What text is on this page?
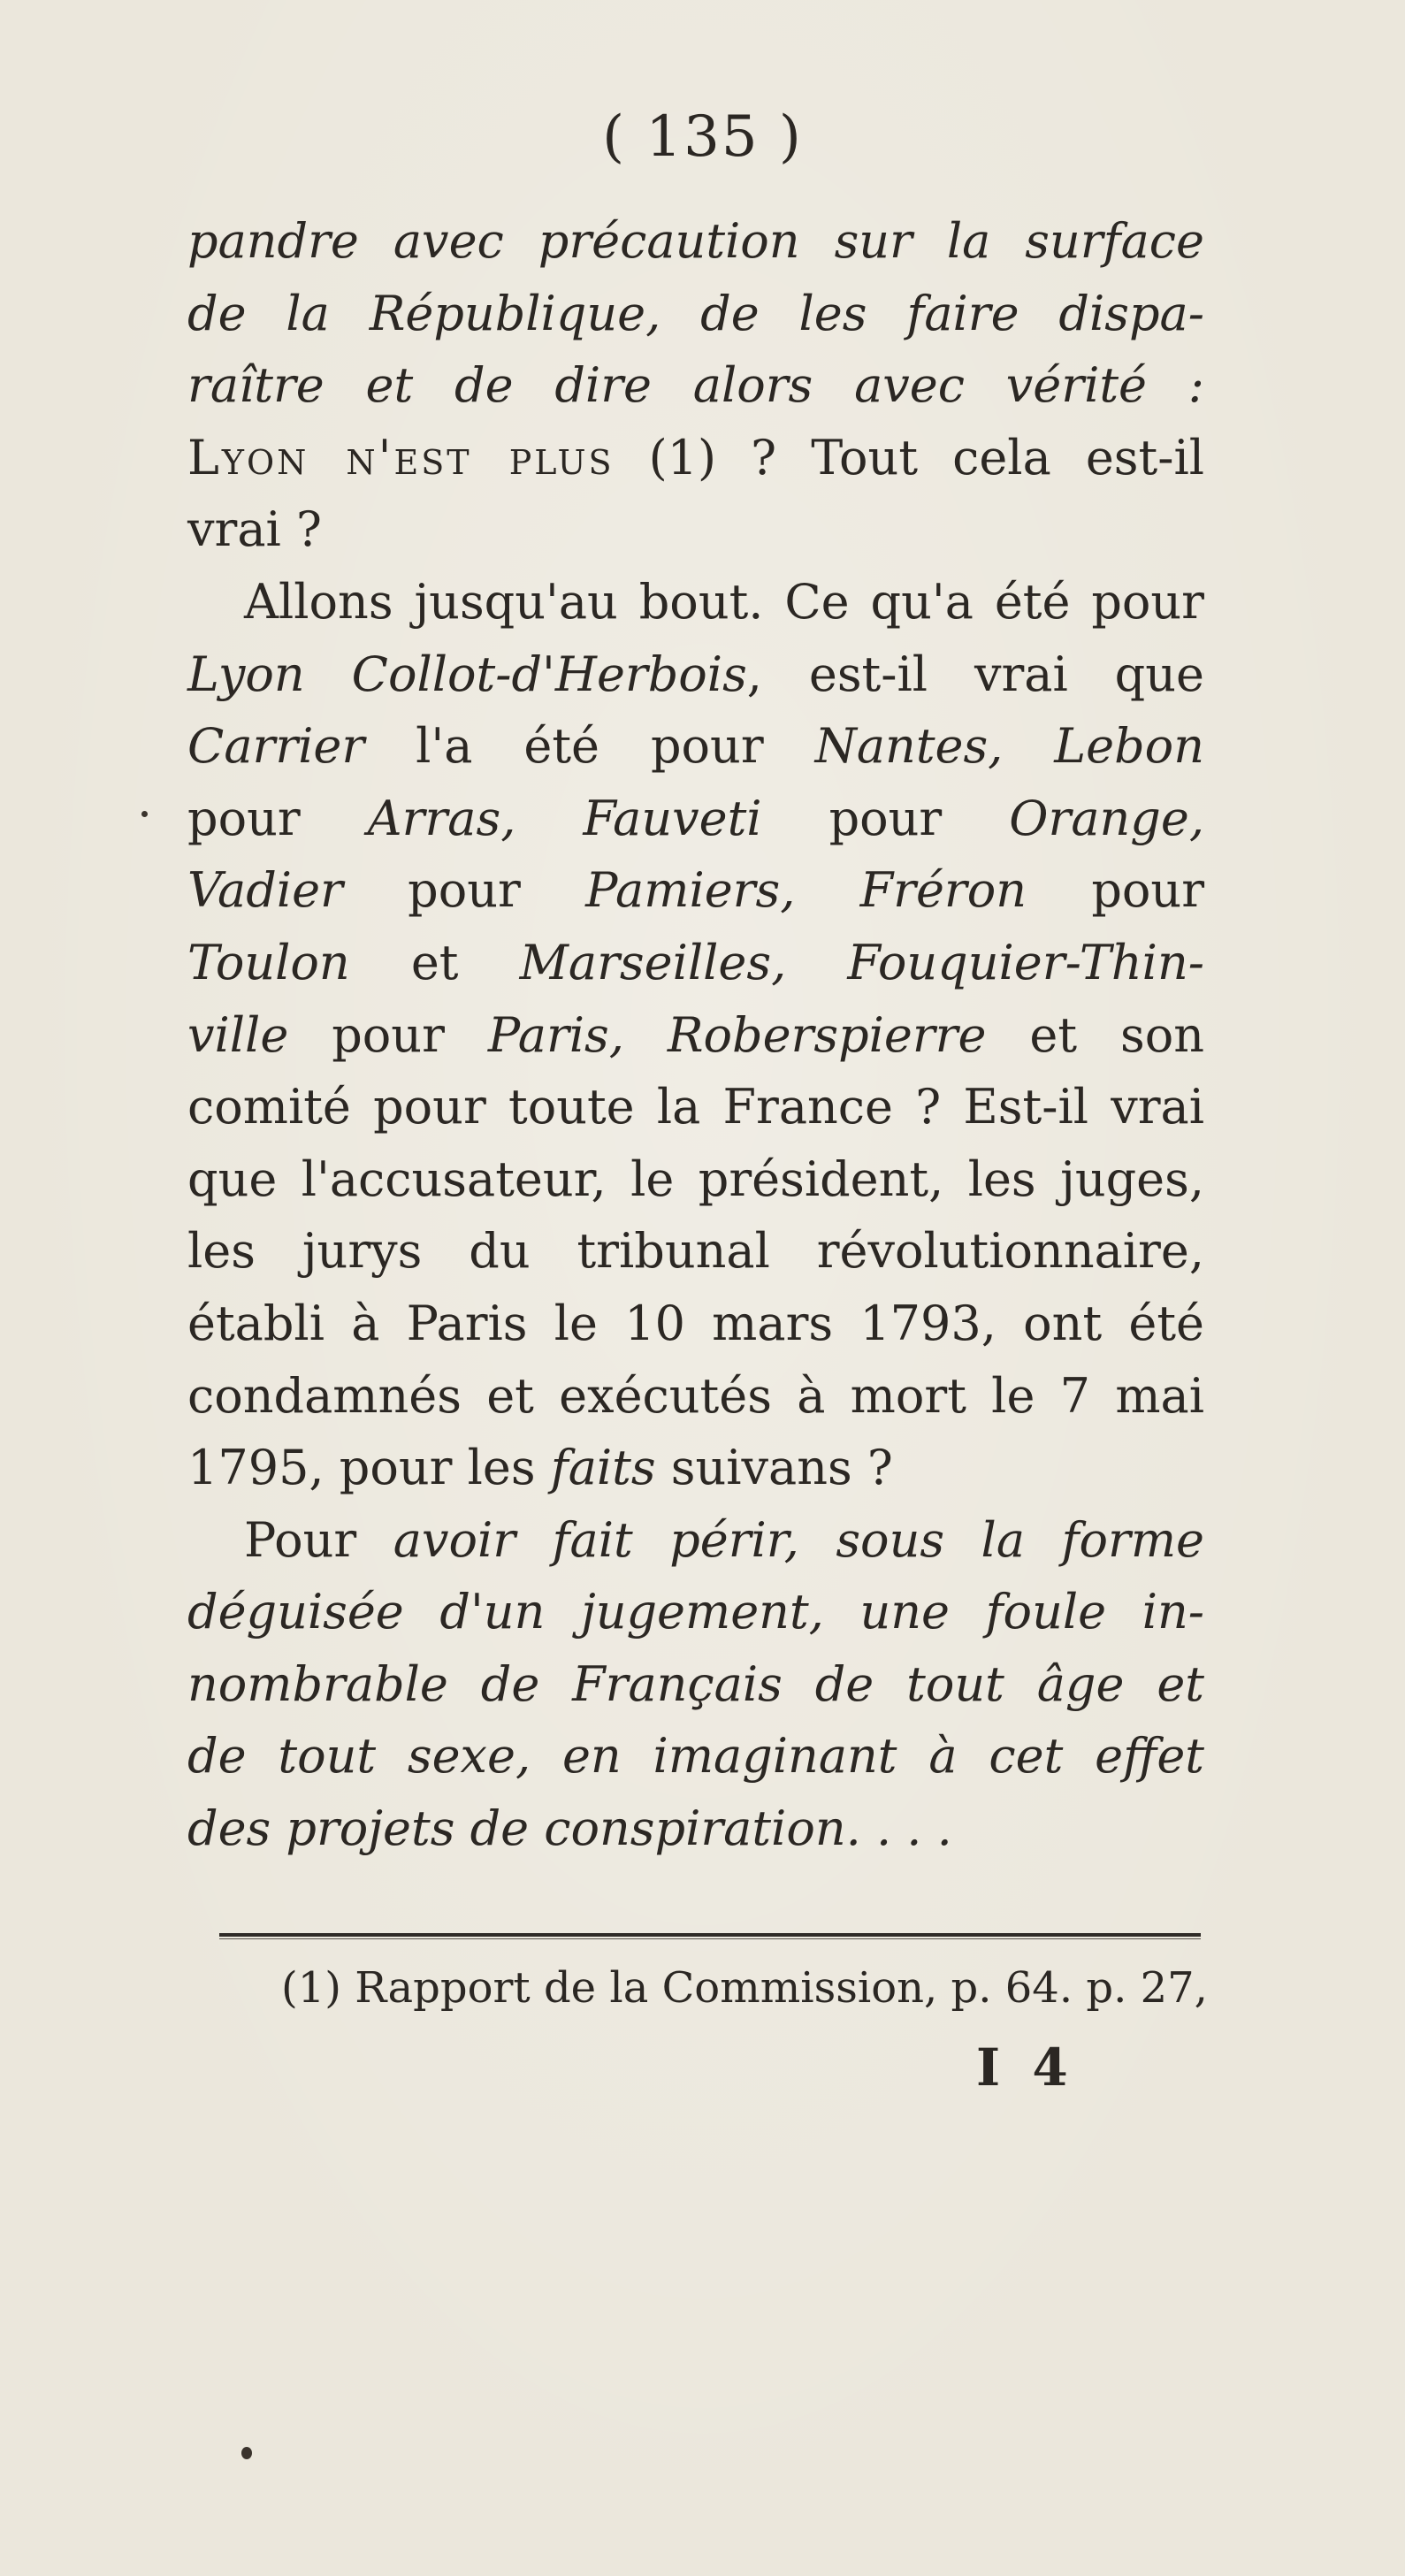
( 135 )
pandre avec précaution sur la surface
de la République, de les faire dispa-
raître et de dire alors avec vérité :
Lyon n'est plus (1) ? Tout cela est-il
vrai ?
Allons jusqu'au bout. Ce qu'a été pour
Lyon Collot-d'Herbois, est-il vrai que
Carrier l'a été pour Nantes, Lebon
pour Arras, Fauveti pour Orange,
Vadier pour Pamiers, Fréron pour
Toulon et Marseilles, Fouquier-Thin-
ville pour Paris, Roberspierre et son
comité pour toute la France ? Est-il vrai
que l'accusateur, le président, les juges,
les jurys du tribunal révolutionnaire,
établi à Paris le 10 mars 1793, ont été
condamnés et exécutés à mort le 7 mai
1795, pour les faits suivans ?
Pour avoir fait périr, sous la forme
déguisée d'un jugement, une foule in-
nombrable de Français de tout âge et
de tout sexe, en imaginant à cet effet
des projets de conspiration. . . .
(1) Rapport de la Commission, p. 64. p. 27,
I 4
